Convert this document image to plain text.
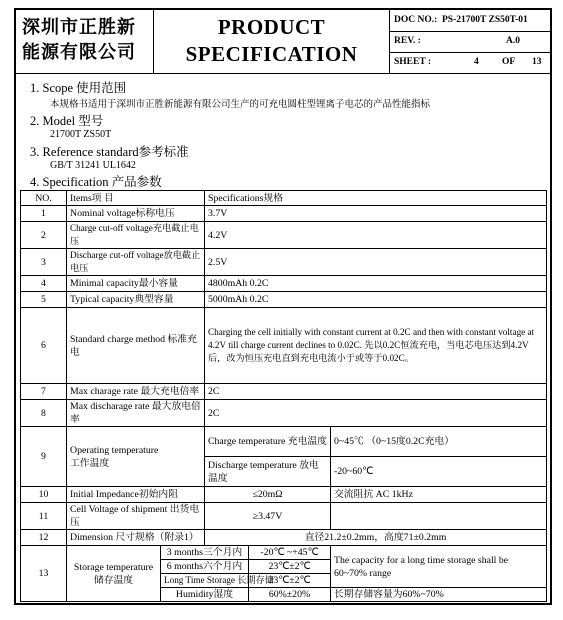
深圳市正胜新
能源有限公司
PRODUCT
SPECIFICATION
DOC NO.: PS-21700T ZS50T-01
REV. :	A.0
SHEET :	4 OF 13
1. Scope 使用范围
本规格书适用于深圳市正胜新能源有限公司生产的可充电圆柱型锂离子电芯的产品性能指标
2. Model 型号
21700T ZS50T
3. Reference standard参考标准
GB/T 31241 UL1642
4. Specification 产品参数
NO.	Items项 目		Specifications规格		
1	Nominal voltage标称电压		3.7V		
2	Charge cut-off voltage充电截止电压		4.2V		
3	Discharge cut-off voltage放电截止电压		2.5V		
4	Minimal capacity最小容量		4800mAh 0.2C		
5	Typical capacity典型容量		5000mAh 0.2C		
6	Standard charge method 标准充电		Charging the cell initially with constant current at 0.2C and then with constant voltage at 4.2V till charge current declines to 0.02C. 先以0.2C恒流充电，当电芯电压达到4.2V后，改为恒压充电直到充电电流小于或等于0.02C。		
7	Max charage rate 最大充电倍率		2C		
8	Max discharage rate 最大放电倍率		2C		
9	Operating temperature
工作温度		Charge temperature 充电温度		0~45℃ （0~15度0.2C充电）
			Discharge temperature 放电温度		-20~60℃
10	Initial Impedance初始内阻		≤20mΩ		交流阻抗 AC 1kHz
11	Cell Voltage of shipment 出货电压		≥3.47V		
12	Dimension 尺寸规格（附录1）		直径21.2±0.2mm，高度71±0.2mm		
13	Storage temperature
储存温度	3 months三个月内		-20℃ ~+45℃	The capacity for a long time storage shall be 60~70% range
		6 months六个月内		23℃±2℃	
		Long Time Storage 长期存储		23℃±2℃	
		Humidity湿度		60%±20%	长期存储容量为60%~70%
